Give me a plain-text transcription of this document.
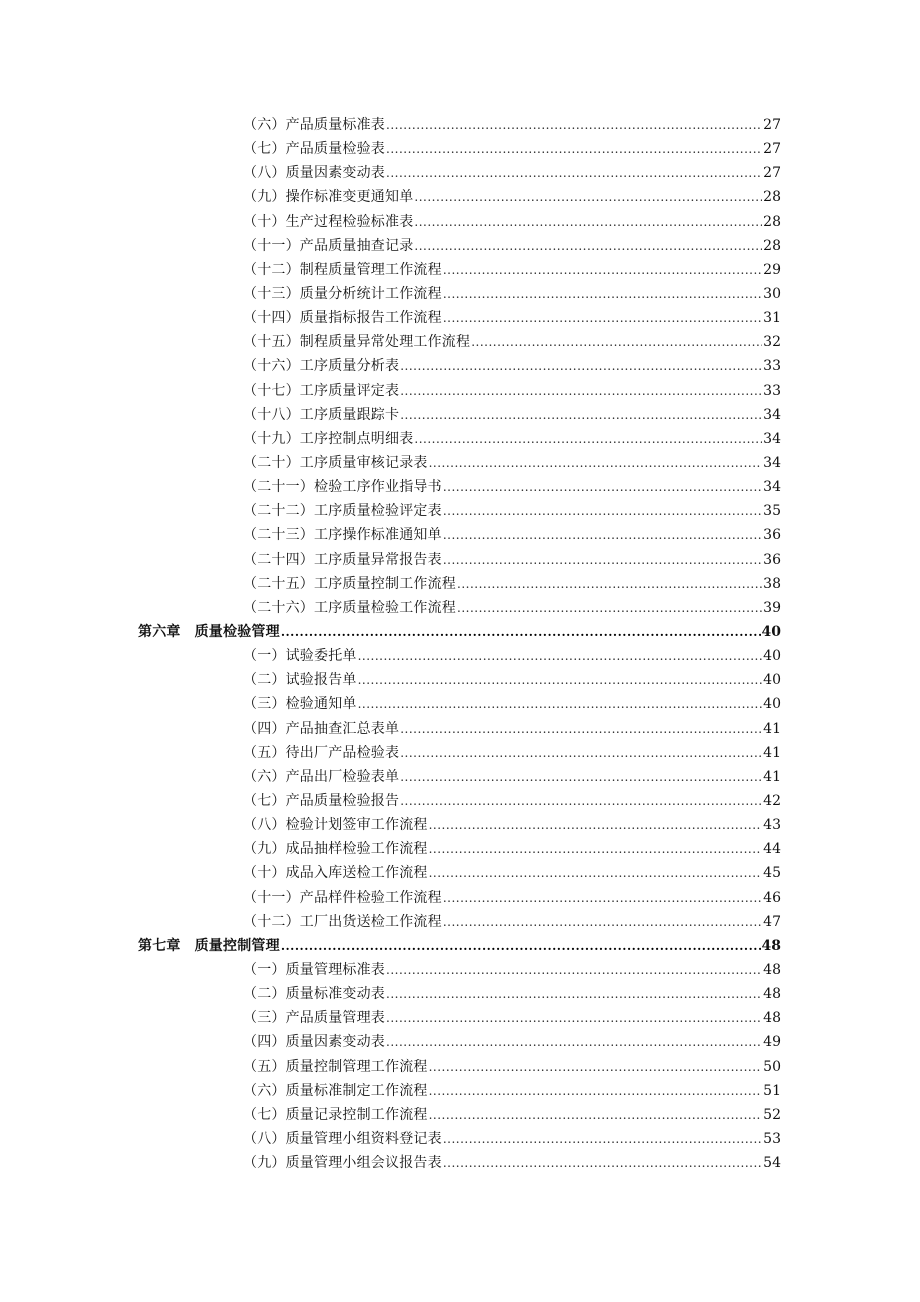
（六）产品质量标准表 .....	27
（七）产品质量检验表 .....	27
（八）质量因素变动表 .....	27
（九）操作标准变更通知单 .....	28
（十）生产过程检验标准表 .....	28
（十一）产品质量抽查记录 .....	28
（十二）制程质量管理工作流程 .....	29
（十三）质量分析统计工作流程 .....	30
（十四）质量指标报告工作流程 .....	31
（十五）制程质量异常处理工作流程 .....	32
（十六）工序质量分析表 .....	33
（十七）工序质量评定表 .....	33
（十八）工序质量跟踪卡 .....	34
（十九）工序控制点明细表 .....	34
（二十）工序质量审核记录表 .....	34
（二十一）检验工序作业指导书 .....	34
（二十二）工序质量检验评定表 .....	35
（二十三）工序操作标准通知单 .....	36
（二十四）工序质量异常报告表 .....	36
（二十五）工序质量控制工作流程 .....	38
（二十六）工序质量检验工作流程 .....	39
第六章 质量检验管理 .....	40
（一）试验委托单 .....	40
（二）试验报告单 .....	40
（三）检验通知单 .....	40
（四）产品抽查汇总表单 .....	41
（五）待出厂产品检验表 .....	41
（六）产品出厂检验表单 .....	41
（七）产品质量检验报告 .....	42
（八）检验计划签审工作流程 .....	43
（九）成品抽样检验工作流程 .....	44
（十）成品入库送检工作流程 .....	45
（十一）产品样件检验工作流程 .....	46
（十二）工厂出货送检工作流程 .....	47
第七章 质量控制管理 .....	48
（一）质量管理标准表 .....	48
（二）质量标准变动表 .....	48
（三）产品质量管理表 .....	48
（四）质量因素变动表 .....	49
（五）质量控制管理工作流程 .....	50
（六）质量标准制定工作流程 .....	51
（七）质量记录控制工作流程 .....	52
（八）质量管理小组资料登记表 .....	53
（九）质量管理小组会议报告表 .....	54
